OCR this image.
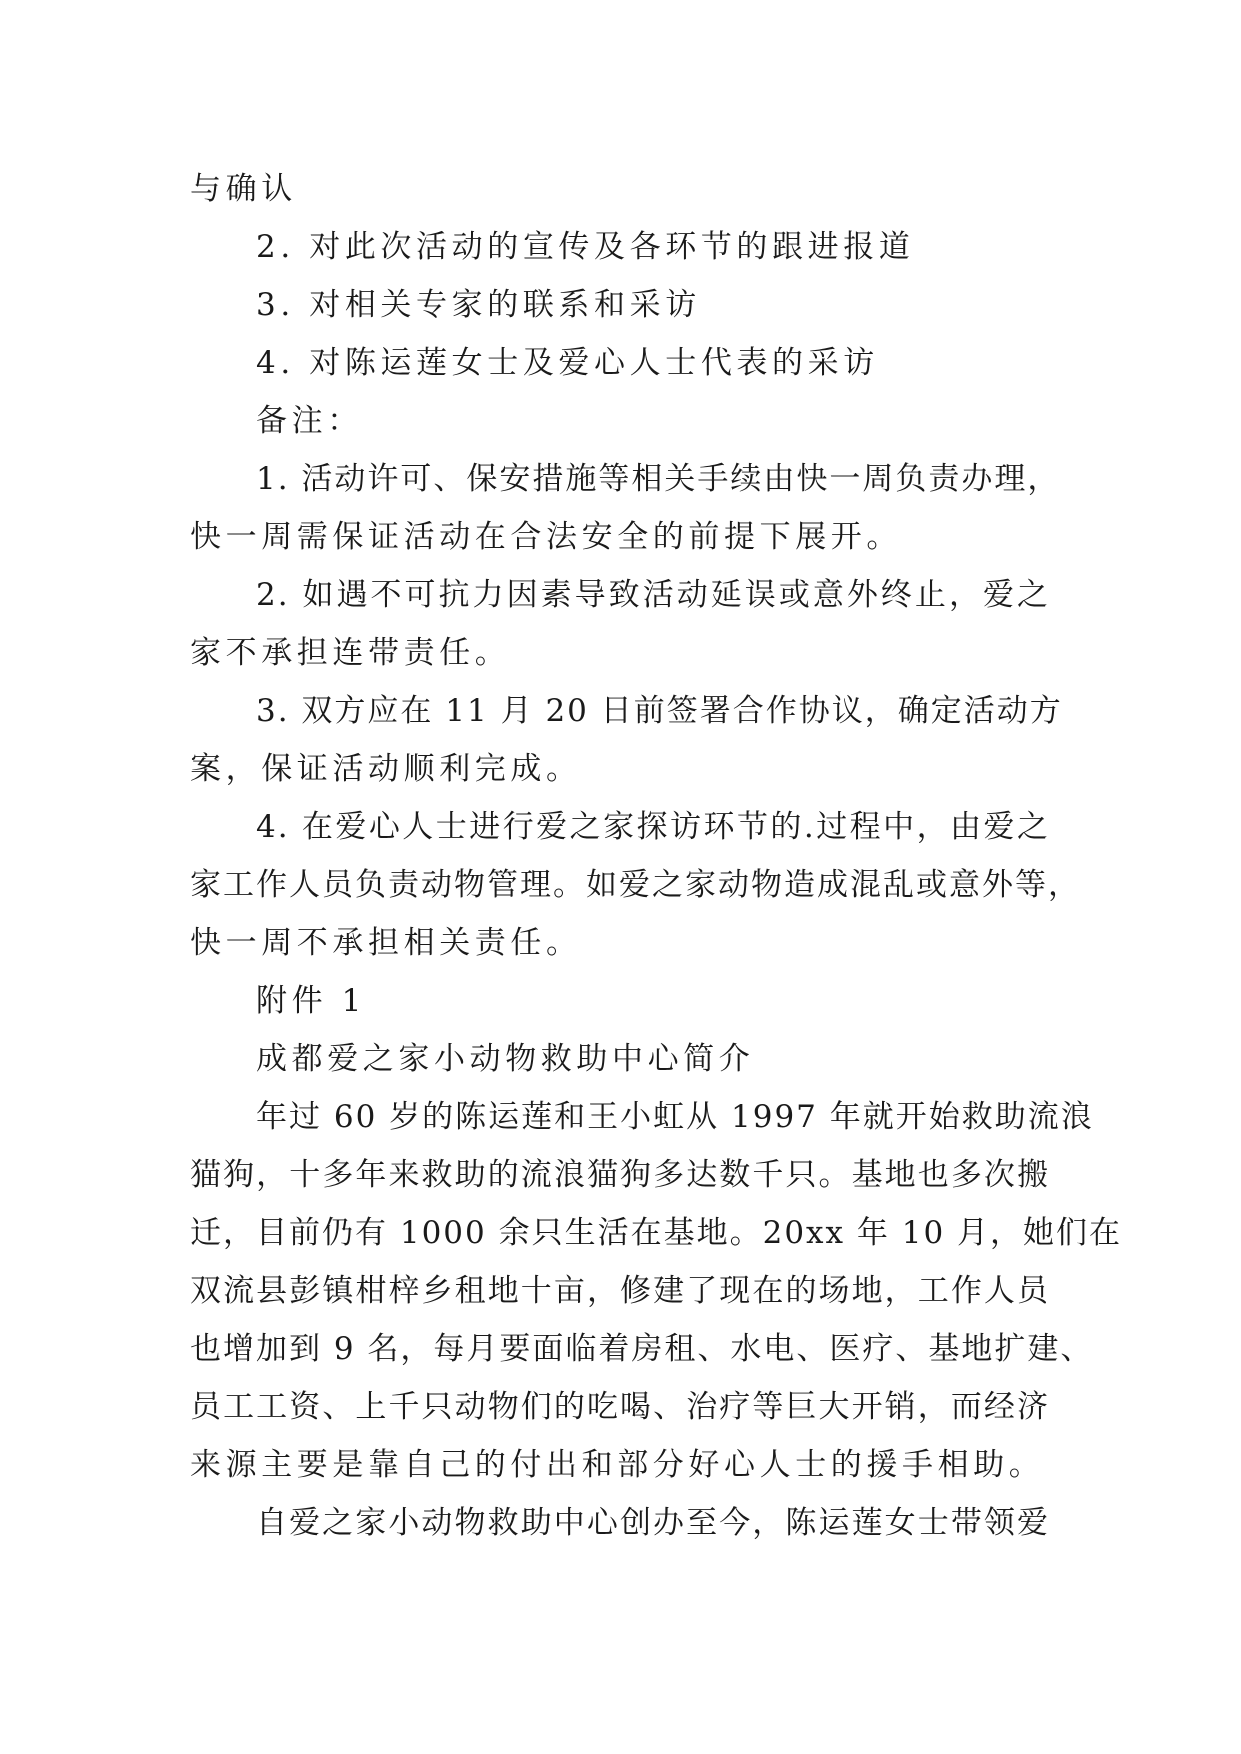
与确认
2. 对此次活动的宣传及各环节的跟进报道
3. 对相关专家的联系和采访
4. 对陈运莲女士及爱心人士代表的采访
备注：
1. 活动许可、保安措施等相关手续由快一周负责办理，
快一周需保证活动在合法安全的前提下展开。
2. 如遇不可抗力因素导致活动延误或意外终止，爱之
家不承担连带责任。
3. 双方应在 11 月 20 日前签署合作协议，确定活动方
案，保证活动顺利完成。
4. 在爱心人士进行爱之家探访环节的.过程中，由爱之
家工作人员负责动物管理。如爱之家动物造成混乱或意外等，
快一周不承担相关责任。
附件 1
成都爱之家小动物救助中心简介
年过 60 岁的陈运莲和王小虹从 1997 年就开始救助流浪
猫狗，十多年来救助的流浪猫狗多达数千只。基地也多次搬
迁，目前仍有 1000 余只生活在基地。20xx 年 10 月，她们在
双流县彭镇柑梓乡租地十亩，修建了现在的场地，工作人员
也增加到 9 名，每月要面临着房租、水电、医疗、基地扩建、
员工工资、上千只动物们的吃喝、治疗等巨大开销，而经济
来源主要是靠自己的付出和部分好心人士的援手相助。
自爱之家小动物救助中心创办至今，陈运莲女士带领爱
